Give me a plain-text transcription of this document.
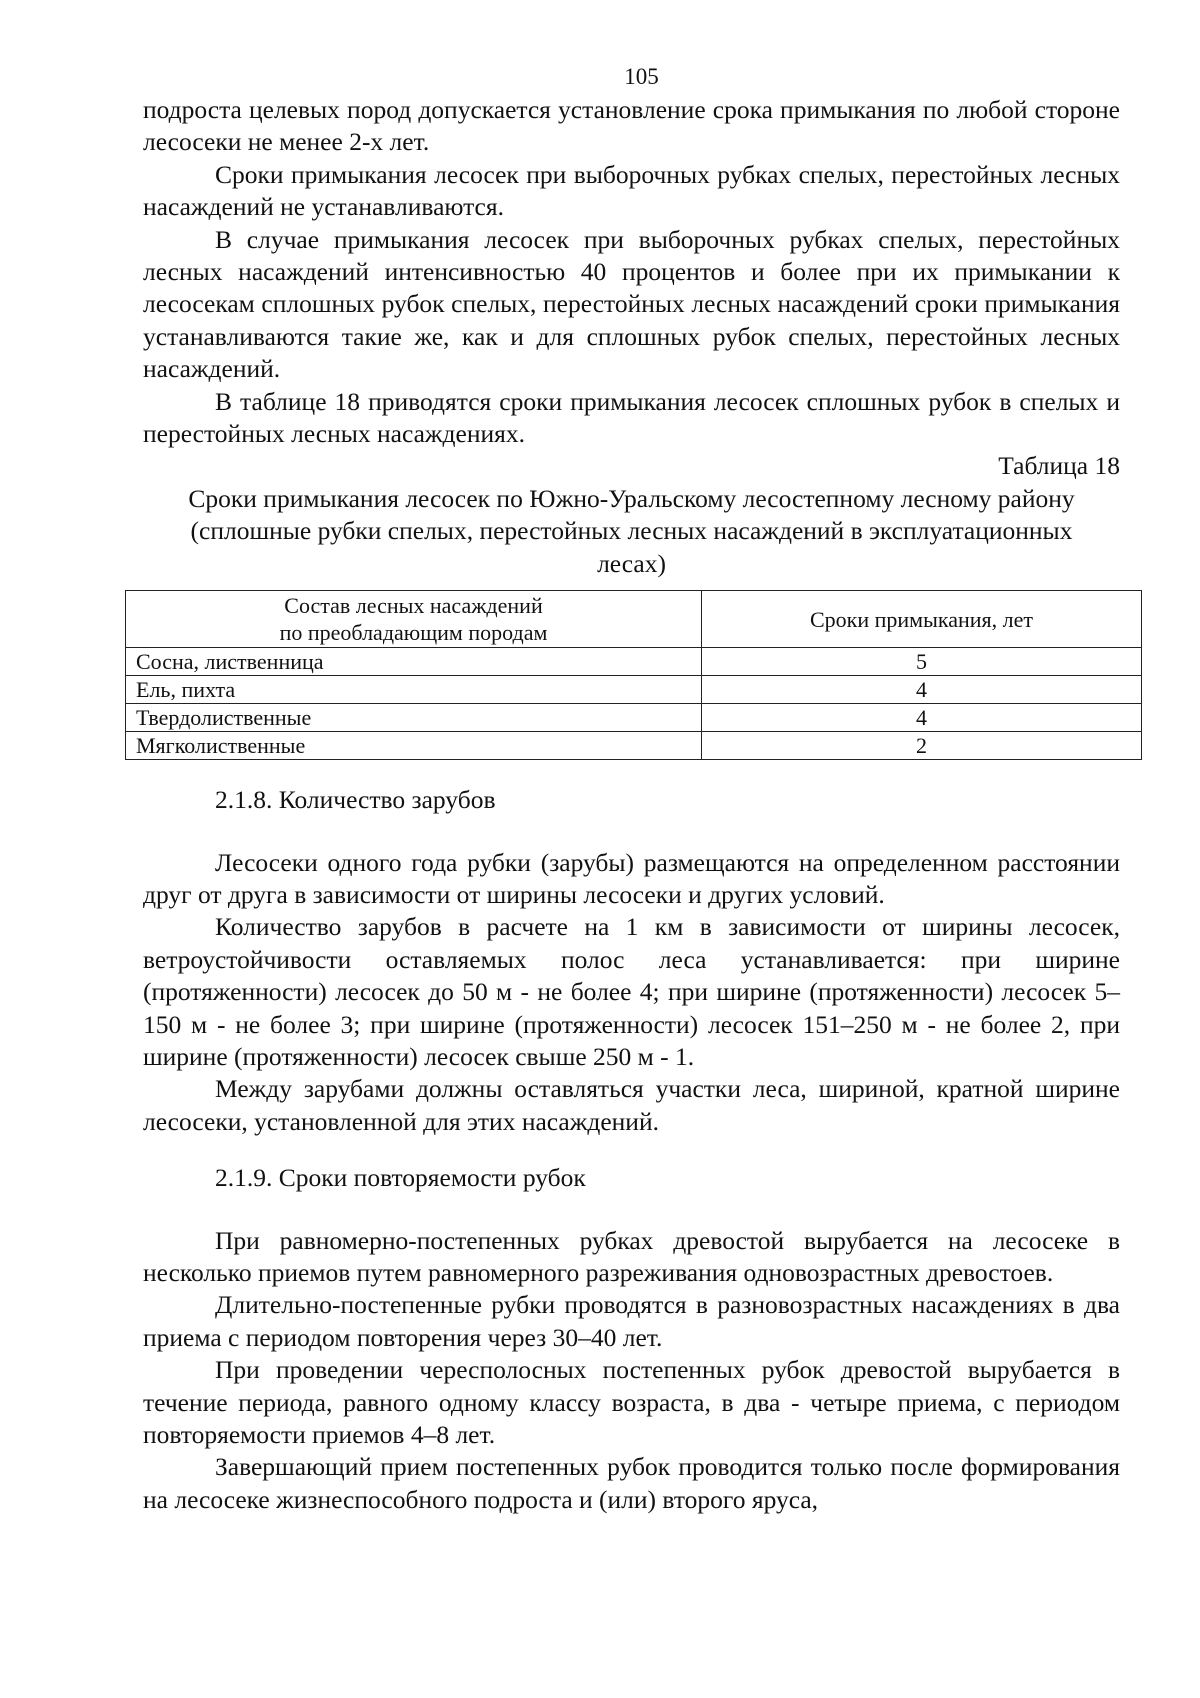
105

подроста целевых пород допускается установление срока примыкания по любой стороне лесосеки не менее 2-х лет.

Сроки примыкания лесосек при выборочных рубках спелых, перестойных лесных насаждений не устанавливаются.

В случае примыкания лесосек при выборочных рубках спелых, перестойных лесных насаждений интенсивностью 40 процентов и более при их примыкании к лесосекам сплошных рубок спелых, перестойных лесных насаждений сроки примыкания устанавливаются такие же, как и для сплошных рубок спелых, перестойных лесных насаждений.

В таблице 18 приводятся сроки примыкания лесосек сплошных рубок в спелых и перестойных лесных насаждениях.

Таблица 18
Сроки примыкания лесосек по Южно-Уральскому лесостепному лесному району (сплошные рубки спелых, перестойных лесных насаждений в эксплуатационных лесах)
Состав лесных насаждений
по преобладающим породам	Сроки примыкания, лет
Сосна, лиственница	5
Ель, пихта	4
Твердолиственные	4
Мягколиственные	2
2.1.8. Количество зарубов

Лесосеки одного года рубки (зарубы) размещаются на определенном расстоянии друг от друга в зависимости от ширины лесосеки и других условий.

Количество зарубов в расчете на 1 км в зависимости от ширины лесосек, ветроустойчивости оставляемых полос леса устанавливается: при ширине (протяженности) лесосек до 50 м - не более 4; при ширине (протяженности) лесосек 5–150 м - не более 3; при ширине (протяженности) лесосек 151–250 м - не более 2, при ширине (протяженности) лесосек свыше 250 м - 1.

Между зарубами должны оставляться участки леса, шириной, кратной ширине лесосеки, установленной для этих насаждений.

2.1.9. Сроки повторяемости рубок

При равномерно-постепенных рубках древостой вырубается на лесосеке в несколько приемов путем равномерного разреживания одновозрастных древостоев.

Длительно-постепенные рубки проводятся в разновозрастных насаждениях в два приема с периодом повторения через 30–40 лет.

При проведении чересполосных постепенных рубок древостой вырубается в течение периода, равного одному классу возраста, в два - четыре приема, с периодом повторяемости приемов 4–8 лет.

Завершающий прием постепенных рубок проводится только после формирования на лесосеке жизнеспособного подроста и (или) второго яруса,
